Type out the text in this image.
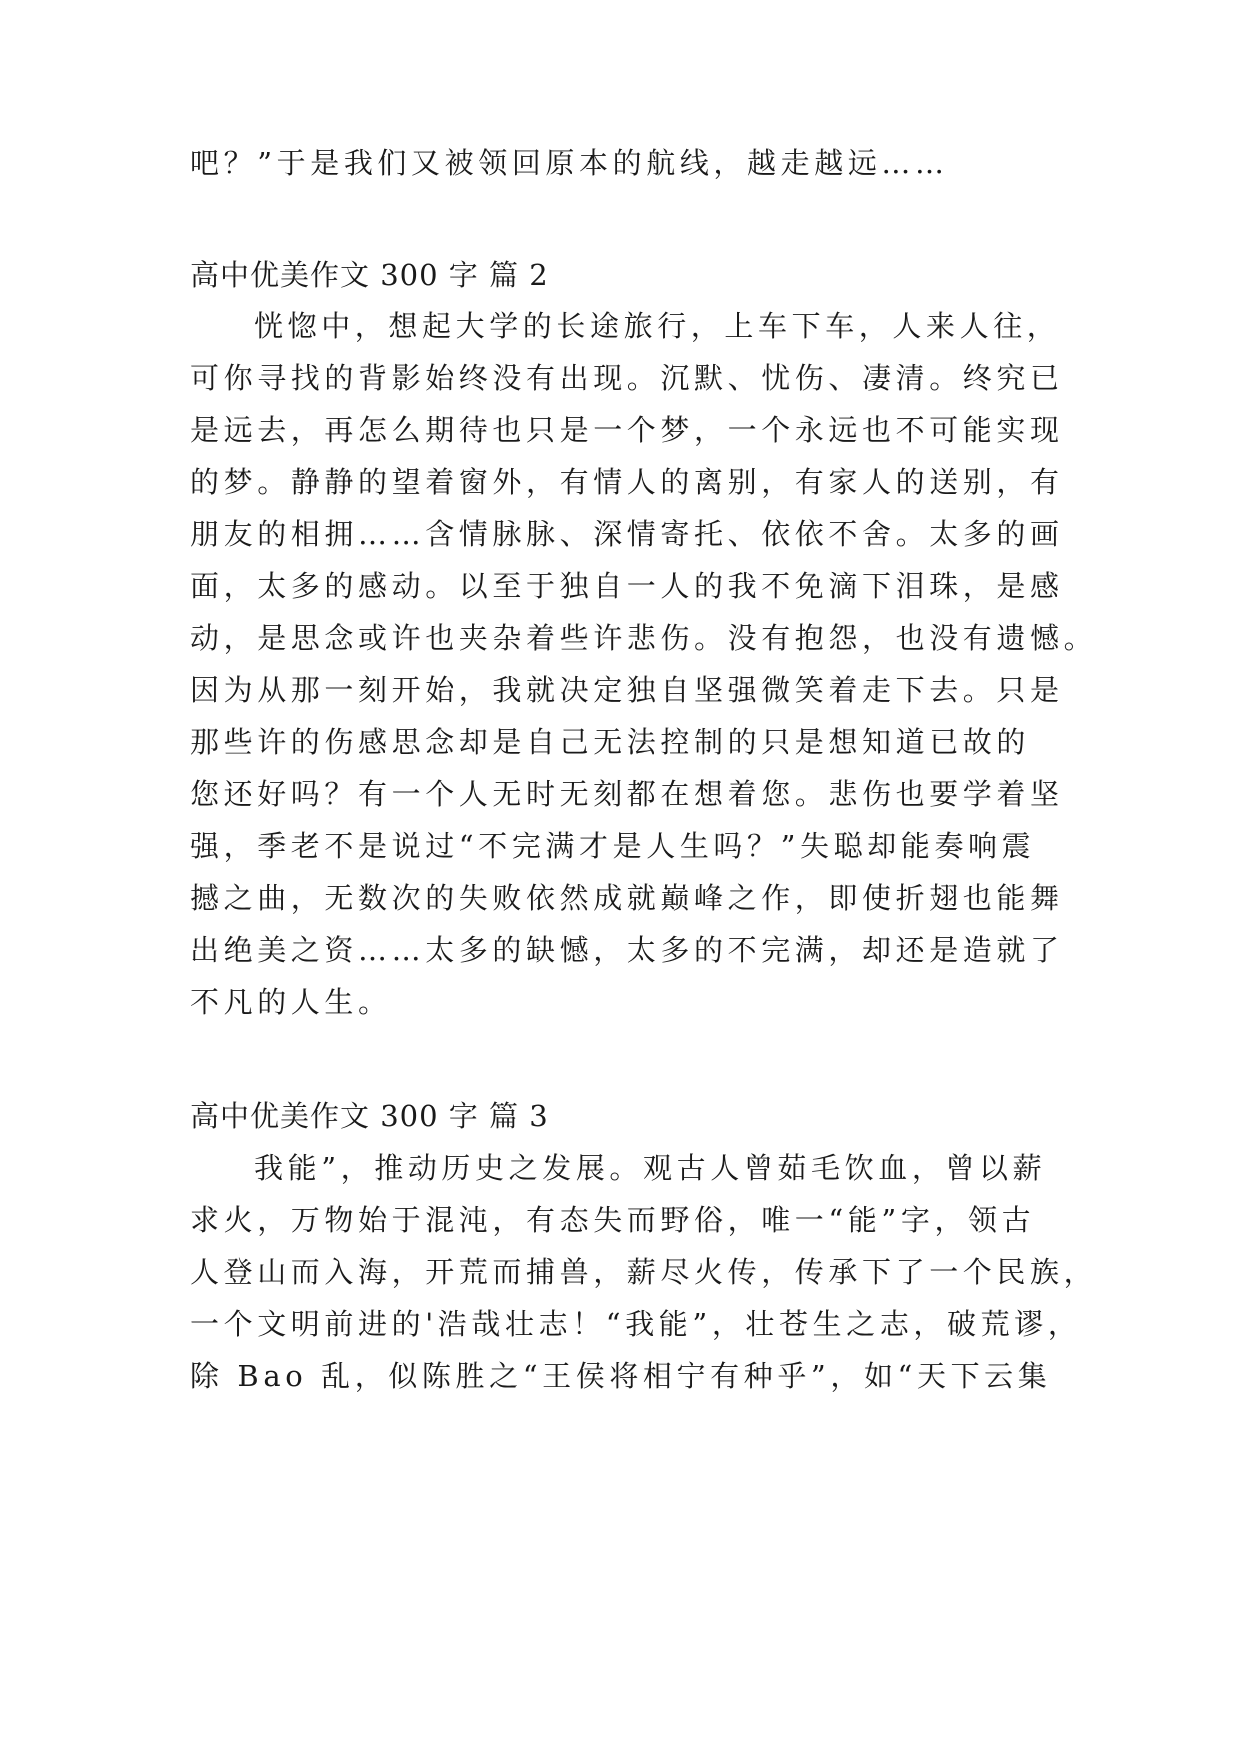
吧？”于是我们又被领回原本的航线，越走越远……
高中优美作文 300 字 篇 2
恍惚中，想起大学的长途旅行，上车下车，人来人往，
可你寻找的背影始终没有出现。沉默、忧伤、凄清。终究已
是远去，再怎么期待也只是一个梦，一个永远也不可能实现
的梦。静静的望着窗外，有情人的离别，有家人的送别，有
朋友的相拥……含情脉脉、深情寄托、依依不舍。太多的画
面，太多的感动。以至于独自一人的我不免滴下泪珠，是感
动，是思念或许也夹杂着些许悲伤。没有抱怨，也没有遗憾。
因为从那一刻开始，我就决定独自坚强微笑着走下去。只是
那些许的伤感思念却是自己无法控制的只是想知道已故的
您还好吗？有一个人无时无刻都在想着您。悲伤也要学着坚
强，季老不是说过“不完满才是人生吗？”失聪却能奏响震
撼之曲，无数次的失败依然成就巅峰之作，即使折翅也能舞
出绝美之资……太多的缺憾，太多的不完满，却还是造就了
不凡的人生。
高中优美作文 300 字 篇 3
我能”，推动历史之发展。观古人曾茹毛饮血，曾以薪
求火，万物始于混沌，有态失而野俗，唯一“能”字，领古
人登山而入海，开荒而捕兽，薪尽火传，传承下了一个民族，
一个文明前进的'浩哉壮志！“我能”，壮苍生之志，破荒谬，
除 Bao 乱，似陈胜之“王侯将相宁有种乎”，如“天下云集
